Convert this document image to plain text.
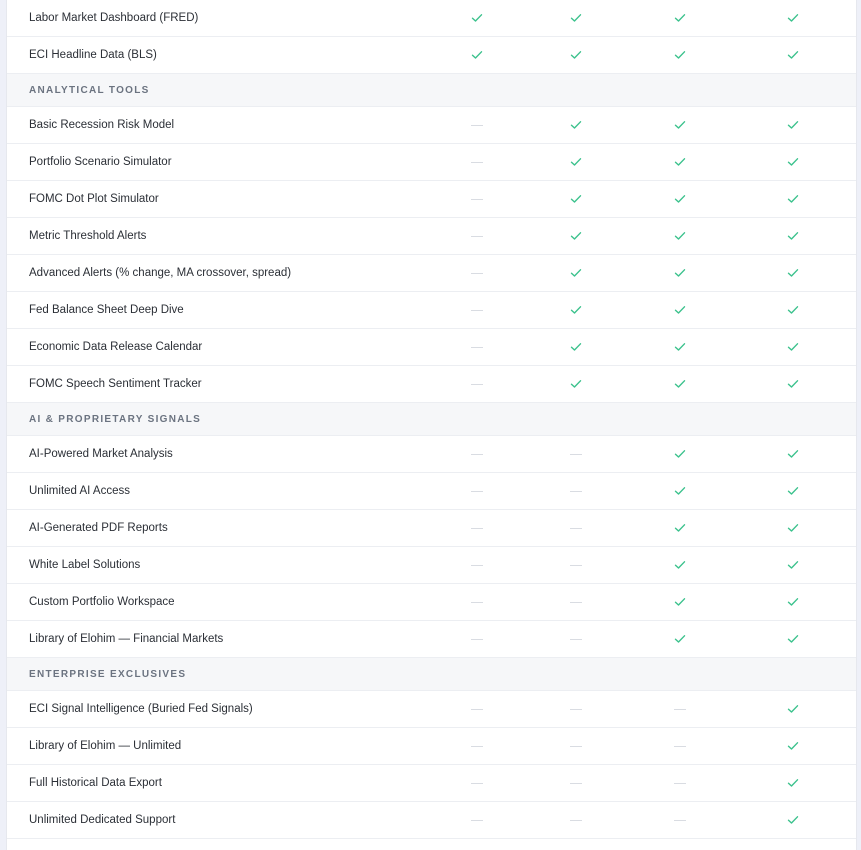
Labor Market Dashboard (FRED)
ECI Headline Data (BLS)
ANALYTICAL TOOLS
Basic Recession Risk Model
Portfolio Scenario Simulator
FOMC Dot Plot Simulator
Metric Threshold Alerts
Advanced Alerts (% change, MA crossover, spread)
Fed Balance Sheet Deep Dive
Economic Data Release Calendar
FOMC Speech Sentiment Tracker
AI & PROPRIETARY SIGNALS
AI-Powered Market Analysis
Unlimited AI Access
AI-Generated PDF Reports
White Label Solutions
Custom Portfolio Workspace
Library of Elohim — Financial Markets
ENTERPRISE EXCLUSIVES
ECI Signal Intelligence (Buried Fed Signals)
Library of Elohim — Unlimited
Full Historical Data Export
Unlimited Dedicated Support
